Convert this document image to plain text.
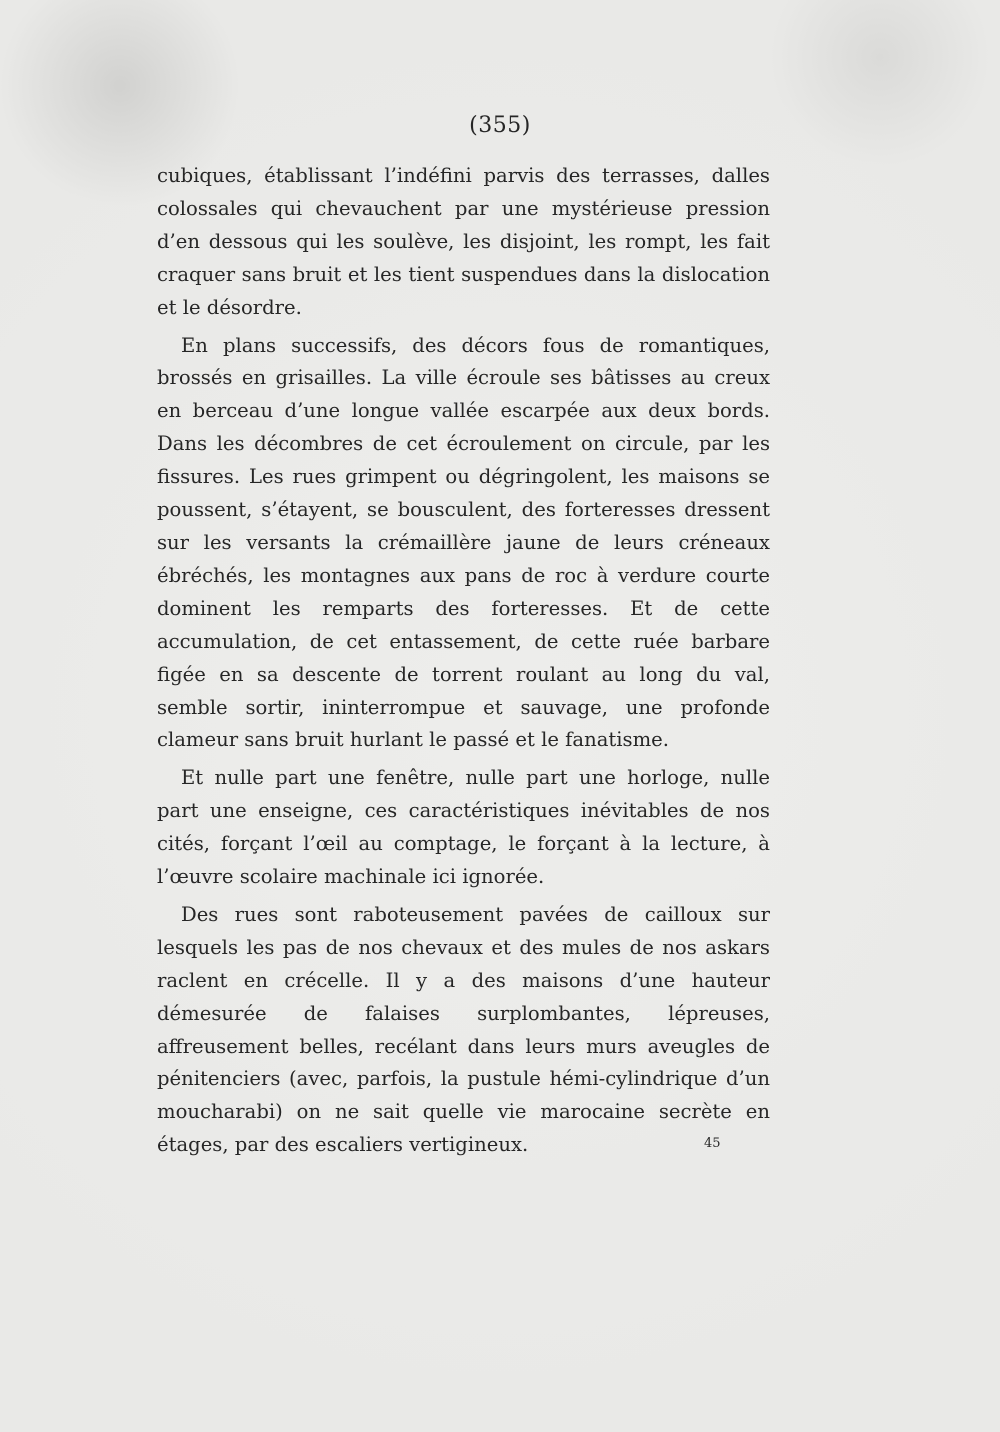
(355)

cubiques, établissant l’indéfini parvis des terrasses, dalles colossales qui chevauchent par une mystérieuse pression d’en dessous qui les soulève, les disjoint, les rompt, les fait craquer sans bruit et les tient suspendues dans la dislocation et le désordre.

En plans successifs, des décors fous de romantiques, brossés en grisailles. La ville écroule ses bâtisses au creux en berceau d’une longue vallée escarpée aux deux bords. Dans les décombres de cet écroulement on circule, par les fissures. Les rues grimpent ou dégringolent, les maisons se poussent, s’étayent, se bousculent, des forteresses dressent sur les versants la crémaillère jaune de leurs créneaux ébréchés, les montagnes aux pans de roc à verdure courte dominent les remparts des forteresses. Et de cette accumulation, de cet entassement, de cette ruée barbare figée en sa descente de torrent roulant au long du val, semble sortir, ininterrompue et sauvage, une profonde clameur sans bruit hurlant le passé et le fanatisme.

Et nulle part une fenêtre, nulle part une horloge, nulle part une enseigne, ces caractéristiques inévitables de nos cités, forçant l’œil au comptage, le forçant à la lecture, à l’œuvre scolaire machinale ici ignorée.

Des rues sont raboteusement pavées de cailloux sur lesquels les pas de nos chevaux et des mules de nos askars raclent en crécelle. Il y a des maisons d’une hauteur démesurée de falaises surplombantes, lépreuses, affreusement belles, recélant dans leurs murs aveugles de pénitenciers (avec, parfois, la pustule hémi-cylindrique d’un moucharabi) on ne sait quelle vie marocaine secrète en étages, par des escaliers vertigineux.	45
